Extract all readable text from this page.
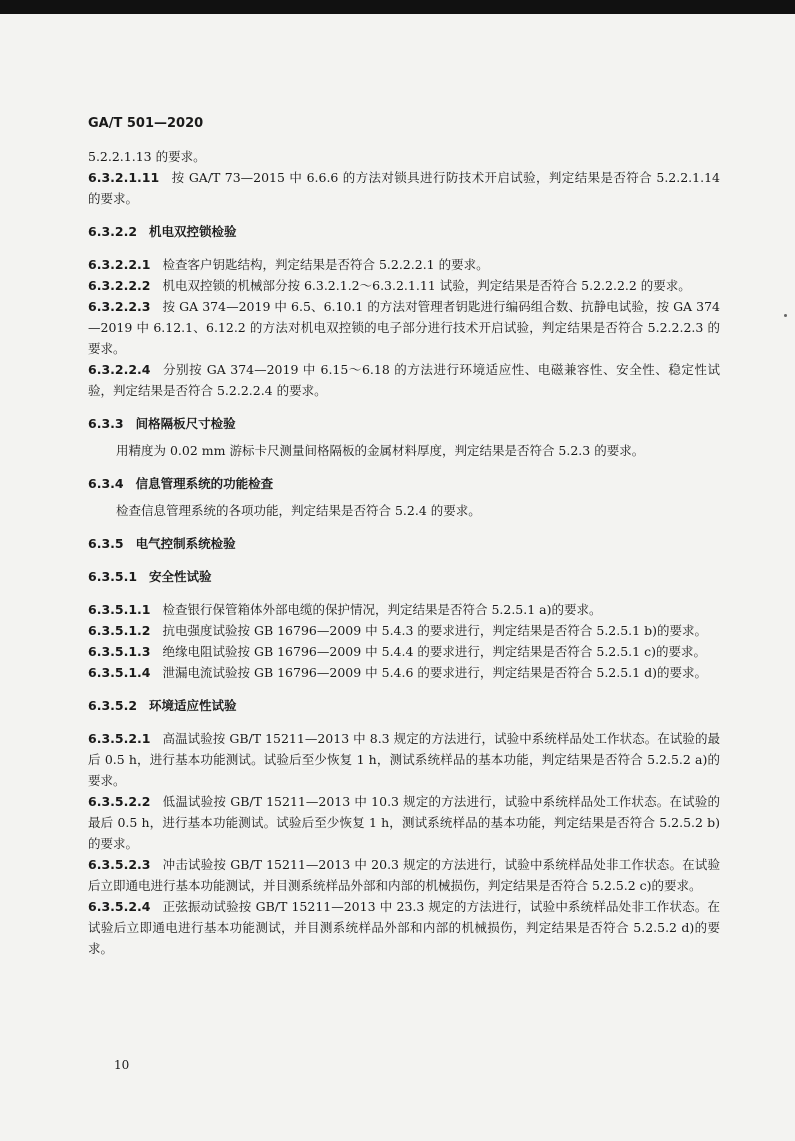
GA/T 501—2020

5.2.2.1.13 的要求。

6.3.2.1.11 按 GA/T 73—2015 中 6.6.6 的方法对锁具进行防技术开启试验，判定结果是否符合 5.2.2.1.14 的要求。

6.3.2.2 机电双控锁检验

6.3.2.2.1 检查客户钥匙结构，判定结果是否符合 5.2.2.2.1 的要求。

6.3.2.2.2 机电双控锁的机械部分按 6.3.2.1.2～6.3.2.1.11 试验，判定结果是否符合 5.2.2.2.2 的要求。

6.3.2.2.3 按 GA 374—2019 中 6.5、6.10.1 的方法对管理者钥匙进行编码组合数、抗静电试验，按 GA 374—2019 中 6.12.1、6.12.2 的方法对机电双控锁的电子部分进行技术开启试验，判定结果是否符合 5.2.2.2.3 的要求。

6.3.2.2.4 分别按 GA 374—2019 中 6.15～6.18 的方法进行环境适应性、电磁兼容性、安全性、稳定性试验，判定结果是否符合 5.2.2.2.4 的要求。

6.3.3 间格隔板尺寸检验

用精度为 0.02 mm 游标卡尺测量间格隔板的金属材料厚度，判定结果是否符合 5.2.3 的要求。

6.3.4 信息管理系统的功能检查

检查信息管理系统的各项功能，判定结果是否符合 5.2.4 的要求。

6.3.5 电气控制系统检验

6.3.5.1 安全性试验

6.3.5.1.1 检查银行保管箱体外部电缆的保护情况，判定结果是否符合 5.2.5.1 a)的要求。

6.3.5.1.2 抗电强度试验按 GB 16796—2009 中 5.4.3 的要求进行，判定结果是否符合 5.2.5.1 b)的要求。

6.3.5.1.3 绝缘电阻试验按 GB 16796—2009 中 5.4.4 的要求进行，判定结果是否符合 5.2.5.1 c)的要求。

6.3.5.1.4 泄漏电流试验按 GB 16796—2009 中 5.4.6 的要求进行，判定结果是否符合 5.2.5.1 d)的要求。

6.3.5.2 环境适应性试验

6.3.5.2.1 高温试验按 GB/T 15211—2013 中 8.3 规定的方法进行，试验中系统样品处工作状态。在试验的最后 0.5 h，进行基本功能测试。试验后至少恢复 1 h，测试系统样品的基本功能，判定结果是否符合 5.2.5.2 a)的要求。

6.3.5.2.2 低温试验按 GB/T 15211—2013 中 10.3 规定的方法进行，试验中系统样品处工作状态。在试验的最后 0.5 h，进行基本功能测试。试验后至少恢复 1 h，测试系统样品的基本功能，判定结果是否符合 5.2.5.2 b)的要求。

6.3.5.2.3 冲击试验按 GB/T 15211—2013 中 20.3 规定的方法进行，试验中系统样品处非工作状态。在试验后立即通电进行基本功能测试，并目测系统样品外部和内部的机械损伤，判定结果是否符合 5.2.5.2 c)的要求。

6.3.5.2.4 正弦振动试验按 GB/T 15211—2013 中 23.3 规定的方法进行，试验中系统样品处非工作状态。在试验后立即通电进行基本功能测试，并目测系统样品外部和内部的机械损伤，判定结果是否符合 5.2.5.2 d)的要求。

10
